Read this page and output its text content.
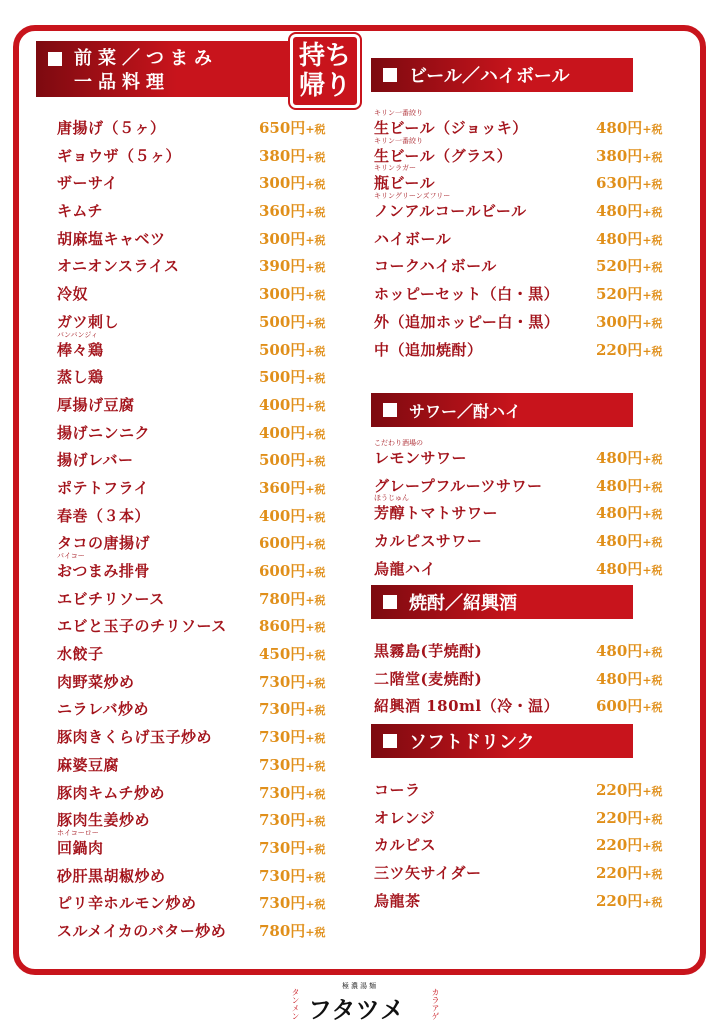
前菜／つまみ
一品料理
持ち
帰り	ビール／ハイボール
サワー／酎ハイ
焼酎／紹興酒
ソフトドリンク
唐揚げ（５ヶ）	650円+税
ギョウザ（５ヶ）	380円+税
ザーサイ	300円+税
キムチ	360円+税
胡麻塩キャベツ	300円+税
オニオンスライス	390円+税
冷奴	300円+税
ガツ刺し	500円+税
バンバンジィ
棒々鶏	500円+税
蒸し鶏	500円+税
厚揚げ豆腐	400円+税
揚げニンニク	400円+税
揚げレバー	500円+税
ポテトフライ	360円+税
春巻（３本）	400円+税
タコの唐揚げ	600円+税
パイコー
おつまみ排骨	600円+税
エビチリソース	780円+税
エビと玉子のチリソース	860円+税
水餃子	450円+税
肉野菜炒め	730円+税
ニラレバ炒め	730円+税
豚肉きくらげ玉子炒め	730円+税
麻婆豆腐	730円+税
豚肉キムチ炒め	730円+税
豚肉生姜炒め	730円+税
ホイコーロー
回鍋肉	730円+税
砂肝黒胡椒炒め	730円+税
ピリ辛ホルモン炒め	730円+税
スルメイカのバター炒め	780円+税
キリン一番絞り
生ビール（ジョッキ）	480円+税
キリン一番絞り
生ビール（グラス）	380円+税
キリンラガー
瓶ビール	630円+税
キリングリーンズフリー
ノンアルコールビール	480円+税
ハイボール	480円+税
コークハイボール	520円+税
ホッピーセット（白・黒）	520円+税
外（追加ホッピー白・黒）	300円+税
中（追加焼酎）	220円+税
こだわり酒場の
レモンサワー	480円+税
グレープフルーツサワー	480円+税
ほうじゅん
芳醇トマトサワー	480円+税
カルピスサワー	480円+税
烏龍ハイ	480円+税
黒霧島(芋焼酎)	480円+税
二階堂(麦焼酎)	480円+税
紹興酒 180ml（冷・温）	600円+税
コーラ	220円+税
オレンジ	220円+税
カルピス	220円+税
三ツ矢サイダー	220円+税
烏龍茶	220円+税
タンメン
極濃湯麺
フタツメ	カラアゲ
